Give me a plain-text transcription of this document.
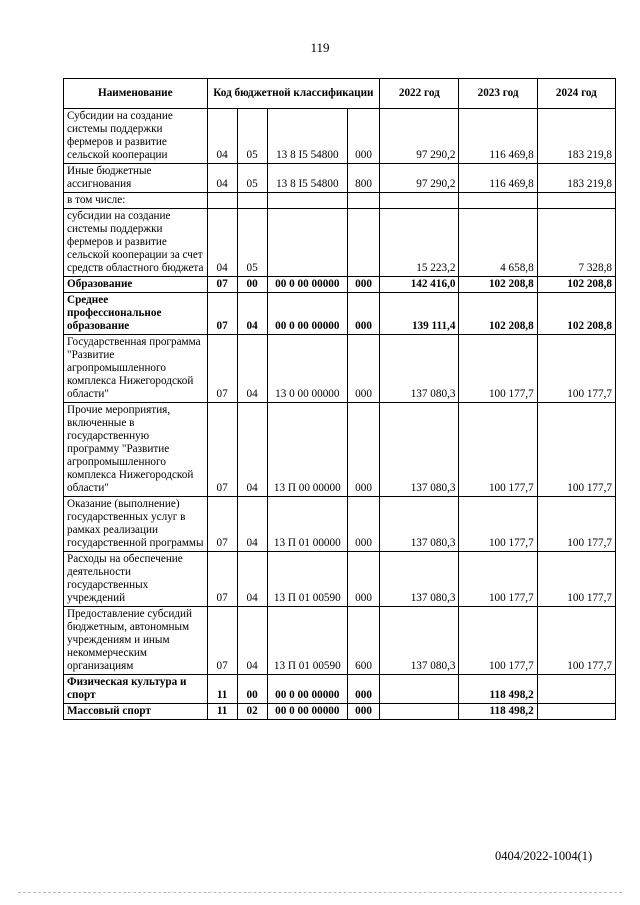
119
Наименование	Код бюджетной классификации				2022 год	2023 год	2024 год
Субсидии на создание системы поддержки фермеров и развитие сельской кооперации	04	05	13 8 I5 54800	000	97 290,2	116 469,8	183 219,8
Иные бюджетные ассигнования	04	05	13 8 I5 54800	800	97 290,2	116 469,8	183 219,8
в том числе:							
субсидии на создание системы поддержки фермеров и развитие сельской кооперации за счет средств областного бюджета	04	05			15 223,2	4 658,8	7 328,8
Образование	07	00	00 0 00 00000	000	142 416,0	102 208,8	102 208,8
Среднее профессиональное образование	07	04	00 0 00 00000	000	139 111,4	102 208,8	102 208,8
Государственная программа "Развитие агропромышленного комплекса Нижегородской области"	07	04	13 0 00 00000	000	137 080,3	100 177,7	100 177,7
Прочие мероприятия, включенные в государственную программу "Развитие агропромышленного комплекса Нижегородской области"	07	04	13 П 00 00000	000	137 080,3	100 177,7	100 177,7
Оказание (выполнение) государственных услуг в рамках реализации государственной программы	07	04	13 П 01 00000	000	137 080,3	100 177,7	100 177,7
Расходы на обеспечение деятельности государственных учреждений	07	04	13 П 01 00590	000	137 080,3	100 177,7	100 177,7
Предоставление субсидий бюджетным, автономным учреждениям и иным некоммерческим организациям	07	04	13 П 01 00590	600	137 080,3	100 177,7	100 177,7
Физическая культура и спорт	11	00	00 0 00 00000	000		118 498,2	
Массовый спорт	11	02	00 0 00 00000	000		118 498,2	
0404/2022-1004(1)
